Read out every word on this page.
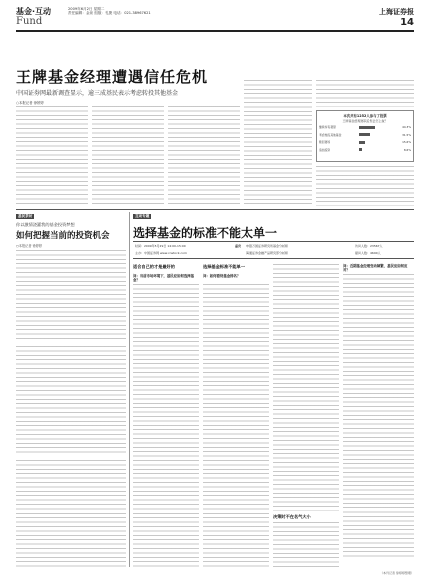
基金·互动	2009年6月2日 星期二
责任编辑：金泉 组版：孔捷 电话：021-38967621	上海证券报
Fund	14
王牌基金经理遭遇信任危机
中国证券网最新调查显示，逾三成基民表示考虑转投其他基金
○本报记者 徐婷婷
本次共有1252人参与了投票
王牌基金经理离职后您会怎么做？
继续持有观望	44.3%
考虑转投其他基金	31.5%
赎回离场	15.6%
追加投资	8.6%
基民茶坊
你以激情浇灌我的基金投资梦想
如何把握当前的投资机会
○本报记者 徐婷婷
互动专题
选择基金的标准不能太单一
时间：2009年5月29日 14:00-15:00
主办：中国证券网 www.cnstock.com
嘉宾 申银万国证券研究所基金分析师
海通证券金融产品研究部分析师
访问人数：23567人
提问人数：4690人
适合自己的才是最好的
问：当前市场环境下，基民应如何选择基金？
选择基金标准不能单一
问：如何看待基金排名？
决策时不在名气大小
问：近期基金经理变动频繁，基民应如何应对？
（本刊记者 徐婷婷整理）
